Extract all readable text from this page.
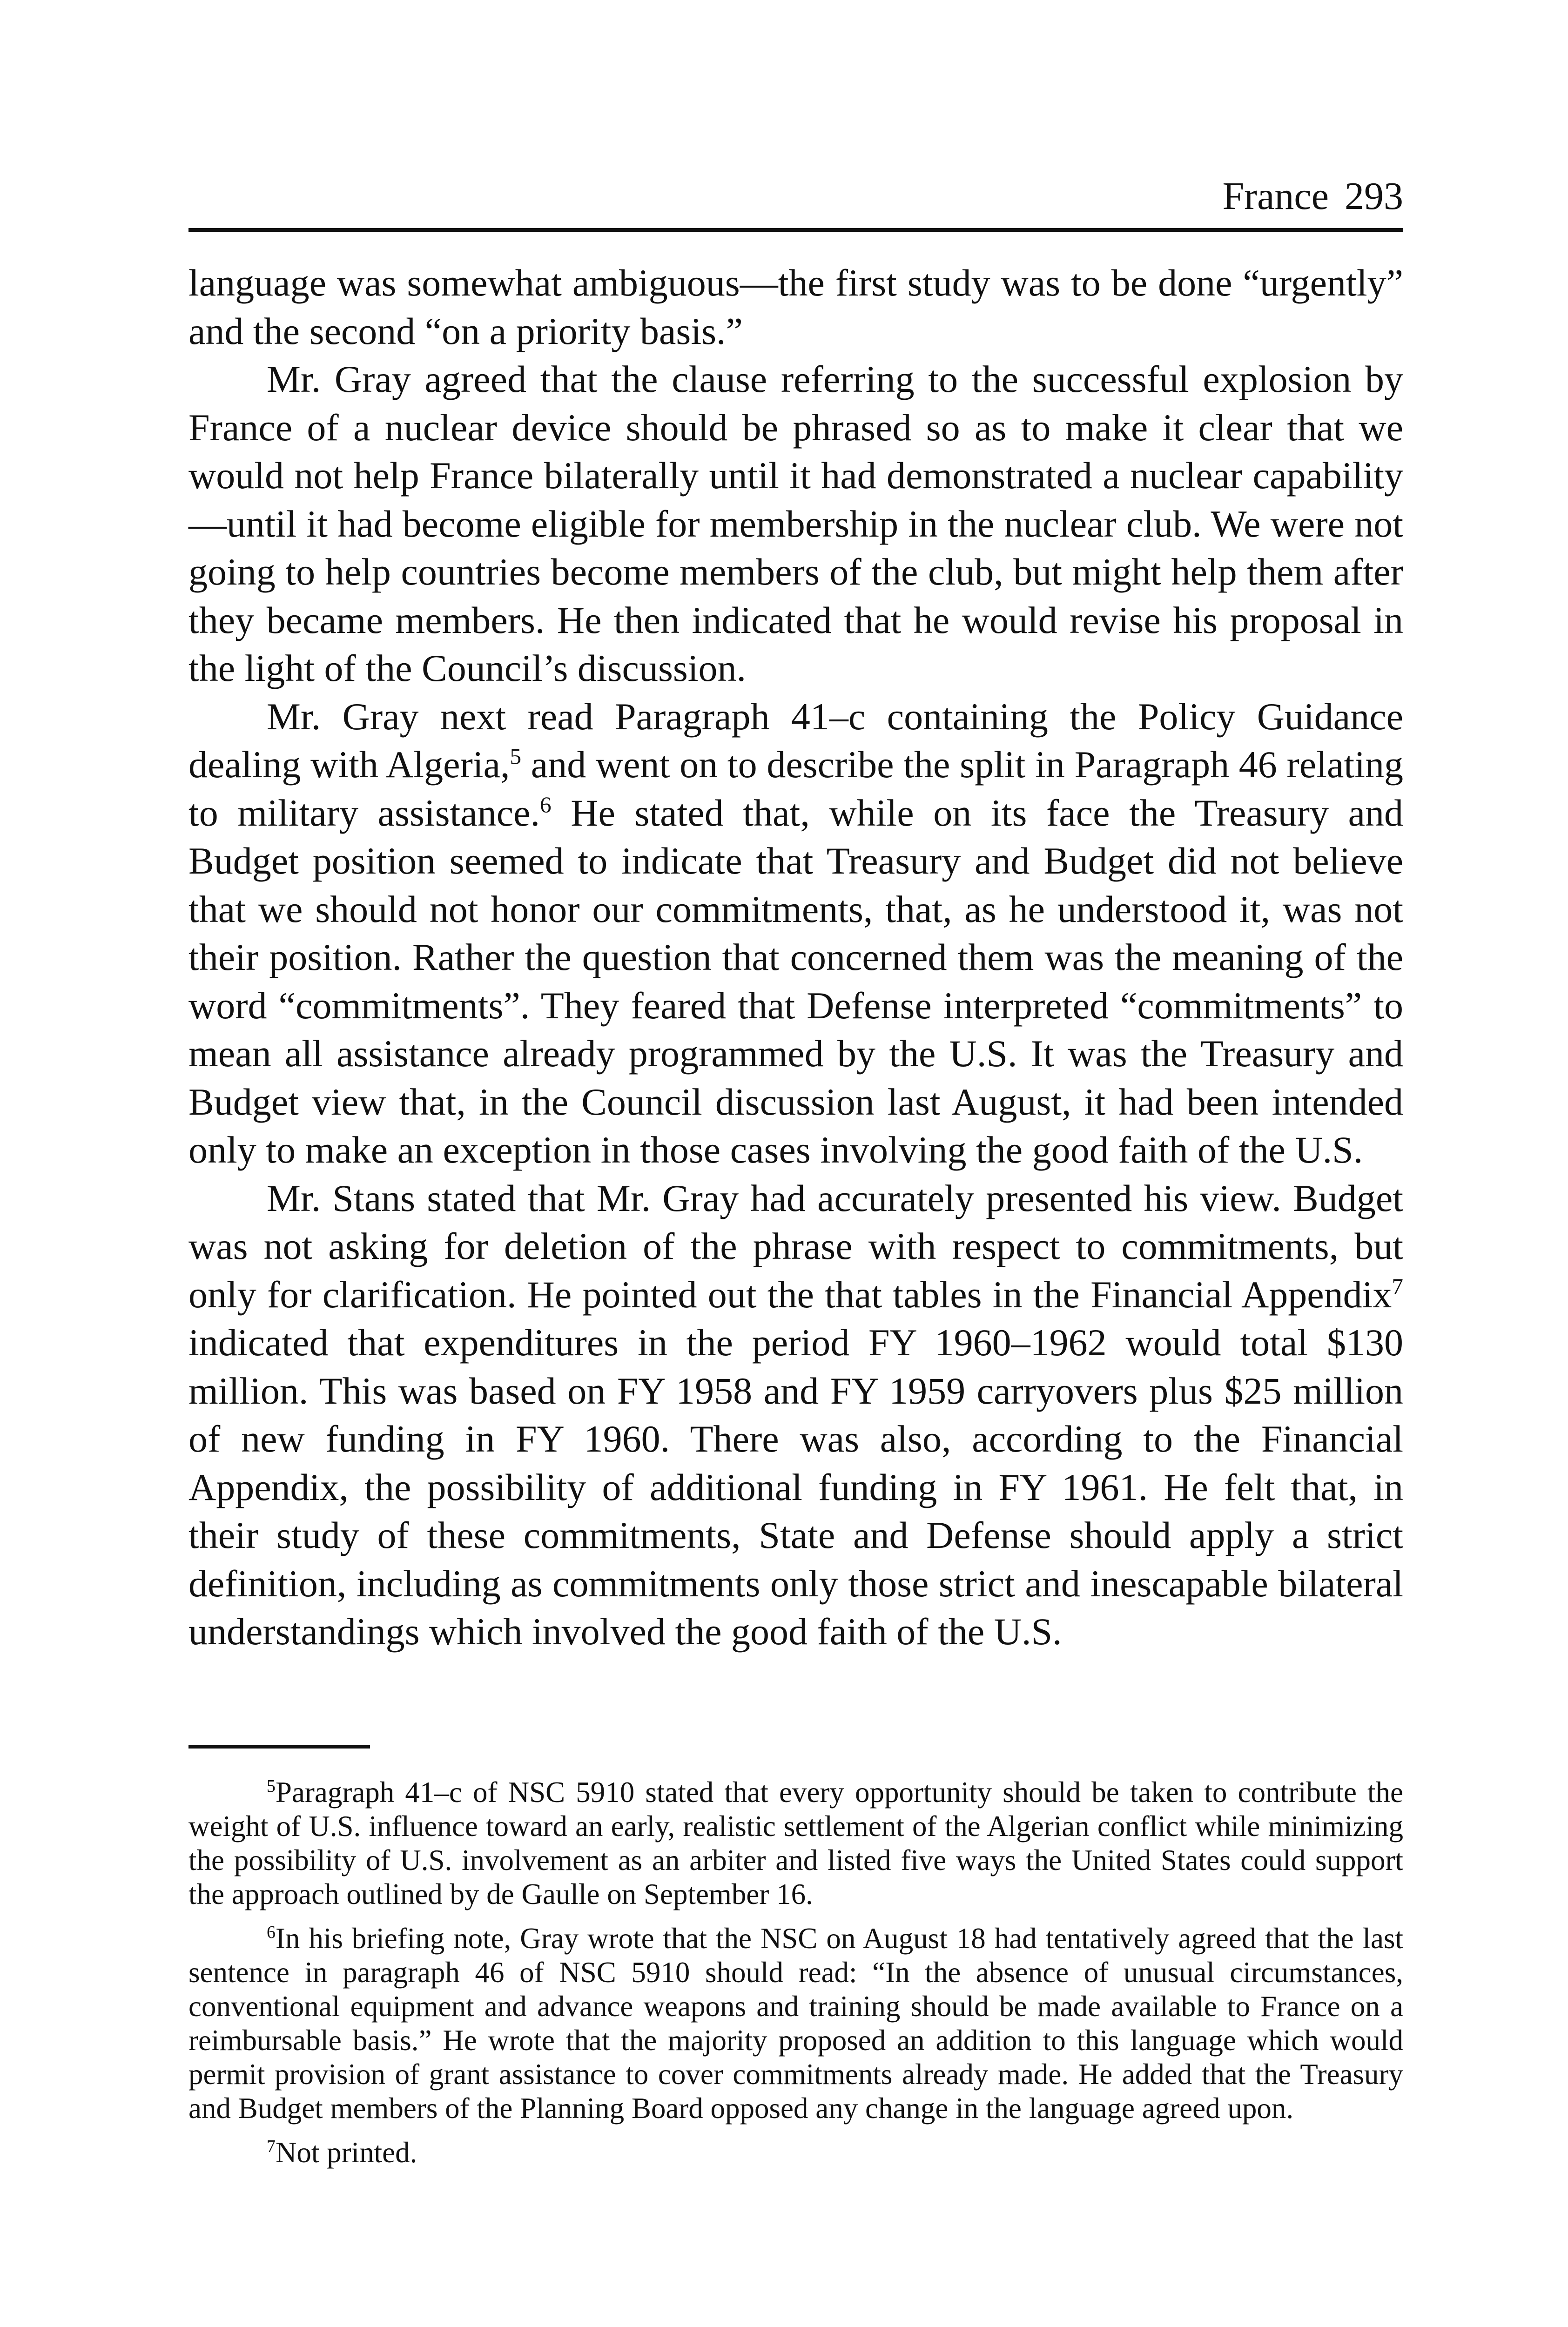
France 293

language was somewhat ambiguous—the first study was to be done “urgently” and the second “on a priority basis.”

Mr. Gray agreed that the clause referring to the successful explosion by France of a nuclear device should be phrased so as to make it clear that we would not help France bilaterally until it had demonstrated a nuclear capability—until it had become eligible for membership in the nuclear club. We were not going to help countries become members of the club, but might help them after they became members. He then indicated that he would revise his proposal in the light of the Council’s discussion.

Mr. Gray next read Paragraph 41–c containing the Policy Guidance dealing with Algeria,$^5$ and went on to describe the split in Paragraph 46 relating to military assistance.$^6$ He stated that, while on its face the Treasury and Budget position seemed to indicate that Treasury and Budget did not believe that we should not honor our commitments, that, as he understood it, was not their position. Rather the question that concerned them was the meaning of the word “commitments”. They feared that Defense interpreted “commitments” to mean all assistance already programmed by the U.S. It was the Treasury and Budget view that, in the Council discussion last August, it had been intended only to make an exception in those cases involving the good faith of the U.S.

Mr. Stans stated that Mr. Gray had accurately presented his view. Budget was not asking for deletion of the phrase with respect to commitments, but only for clarification. He pointed out the that tables in the Financial Appendix$^7$ indicated that expenditures in the period FY 1960–1962 would total $130 million. This was based on FY 1958 and FY 1959 carryovers plus $25 million of new funding in FY 1960. There was also, according to the Financial Appendix, the possibility of additional funding in FY 1961. He felt that, in their study of these commitments, State and Defense should apply a strict definition, including as commitments only those strict and inescapable bilateral understandings which involved the good faith of the U.S.

$^5$Paragraph 41–c of NSC 5910 stated that every opportunity should be taken to contribute the weight of U.S. influence toward an early, realistic settlement of the Algerian conflict while minimizing the possibility of U.S. involvement as an arbiter and listed five ways the United States could support the approach outlined by de Gaulle on September 16.

$^6$In his briefing note, Gray wrote that the NSC on August 18 had tentatively agreed that the last sentence in paragraph 46 of NSC 5910 should read: “In the absence of unusual circumstances, conventional equipment and advance weapons and training should be made available to France on a reimbursable basis.” He wrote that the majority proposed an addition to this language which would permit provision of grant assistance to cover commitments already made. He added that the Treasury and Budget members of the Planning Board opposed any change in the language agreed upon.

$^7$Not printed.
